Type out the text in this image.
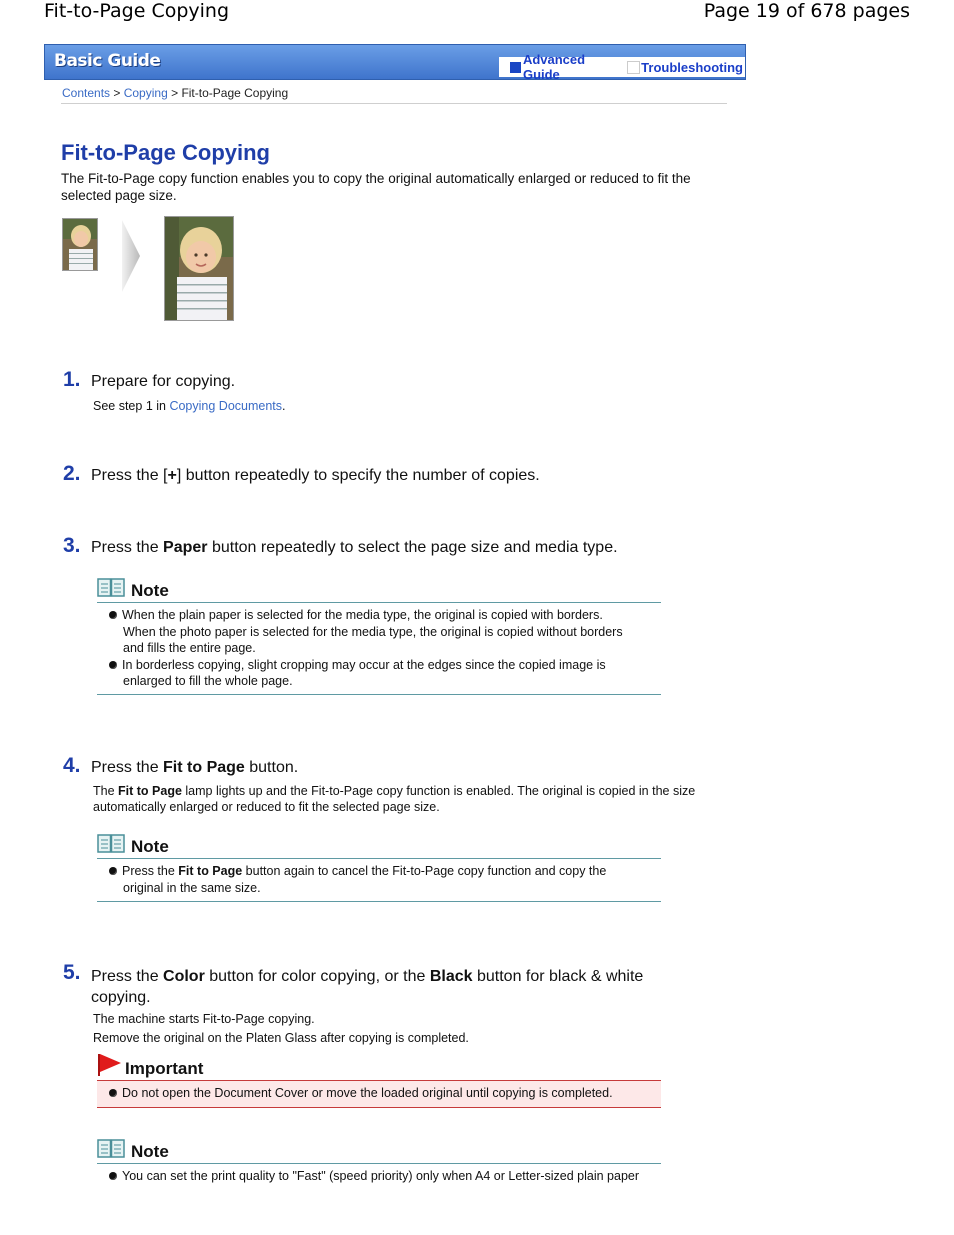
Fit-to-Page Copying	Page 19 of 678 pages
Basic Guide	Advanced Guide	Troubleshooting
Contents > Copying > Fit-to-Page Copying
Fit-to-Page Copying
The Fit-to-Page copy function enables you to copy the original automatically enlarged or reduced to fit the selected page size.
1. Prepare for copying.
See step 1 in Copying Documents.
2. Press the [+] button repeatedly to specify the number of copies.
3. Press the Paper button repeatedly to select the page size and media type.
Note
When the plain paper is selected for the media type, the original is copied with borders.
When the photo paper is selected for the media type, the original is copied without borders
and fills the entire page.
In borderless copying, slight cropping may occur at the edges since the copied image is
enlarged to fill the whole page.
4. Press the Fit to Page button.
The Fit to Page lamp lights up and the Fit-to-Page copy function is enabled. The original is copied in the size
automatically enlarged or reduced to fit the selected page size.
Note
Press the Fit to Page button again to cancel the Fit-to-Page copy function and copy the
original in the same size.
5. Press the Color button for color copying, or the Black button for black & white
copying.
The machine starts Fit-to-Page copying.
Remove the original on the Platen Glass after copying is completed.
Important
Do not open the Document Cover or move the loaded original until copying is completed.
Note
You can set the print quality to "Fast" (speed priority) only when A4 or Letter-sized plain paper
